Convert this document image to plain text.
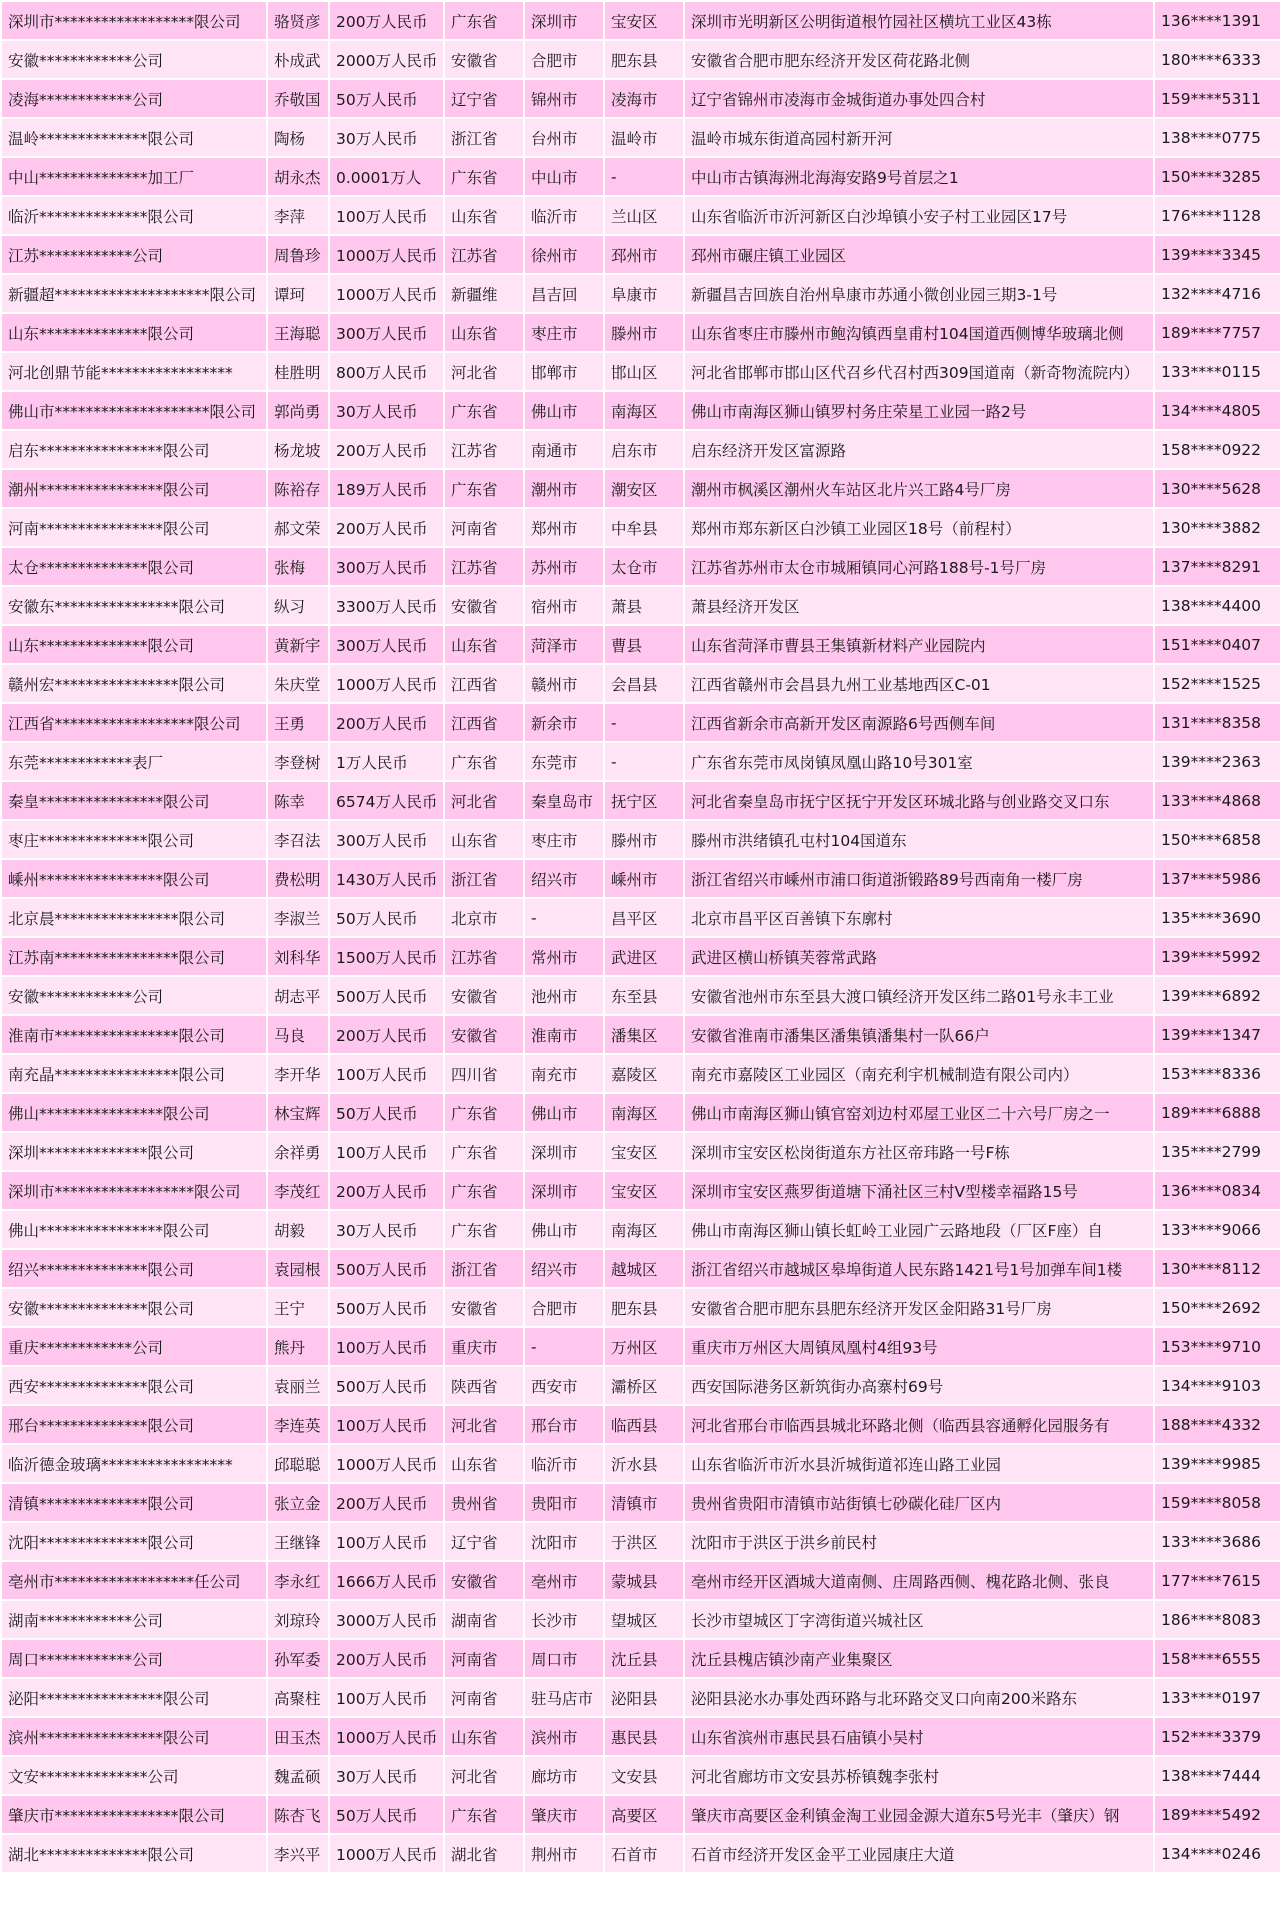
深圳市******************限公司	骆贤彦	200万人民币	广东省	深圳市	宝安区	深圳市光明新区公明街道根竹园社区横坑工业区43栋	136****1391
安徽************公司	朴成武	2000万人民币	安徽省	合肥市	肥东县	安徽省合肥市肥东经济开发区荷花路北侧	180****6333
凌海************公司	乔敬国	50万人民币	辽宁省	锦州市	凌海市	辽宁省锦州市凌海市金城街道办事处四合村	159****5311
温岭**************限公司	陶杨	30万人民币	浙江省	台州市	温岭市	温岭市城东街道高园村新开河	138****0775
中山**************加工厂	胡永杰	0.0001万人	广东省	中山市	-	中山市古镇海洲北海海安路9号首层之1	150****3285
临沂**************限公司	李萍	100万人民币	山东省	临沂市	兰山区	山东省临沂市沂河新区白沙埠镇小安子村工业园区17号	176****1128
江苏************公司	周鲁珍	1000万人民币	江苏省	徐州市	邳州市	邳州市碾庄镇工业园区	139****3345
新疆超********************限公司	谭珂	1000万人民币	新疆维	昌吉回	阜康市	新疆昌吉回族自治州阜康市苏通小微创业园三期3-1号	132****4716
山东**************限公司	王海聪	300万人民币	山东省	枣庄市	滕州市	山东省枣庄市滕州市鲍沟镇西皇甫村104国道西侧博华玻璃北侧	189****7757
河北创鼎节能*****************	桂胜明	800万人民币	河北省	邯郸市	邯山区	河北省邯郸市邯山区代召乡代召村西309国道南（新奇物流院内）	133****0115
佛山市********************限公司	郭尚勇	30万人民币	广东省	佛山市	南海区	佛山市南海区狮山镇罗村务庄荣星工业园一路2号	134****4805
启东****************限公司	杨龙坡	200万人民币	江苏省	南通市	启东市	启东经济开发区富源路	158****0922
潮州****************限公司	陈裕存	189万人民币	广东省	潮州市	潮安区	潮州市枫溪区潮州火车站区北片兴工路4号厂房	130****5628
河南****************限公司	郝文荣	200万人民币	河南省	郑州市	中牟县	郑州市郑东新区白沙镇工业园区18号（前程村）	130****3882
太仓**************限公司	张梅	300万人民币	江苏省	苏州市	太仓市	江苏省苏州市太仓市城厢镇同心河路188号-1号厂房	137****8291
安徽东****************限公司	纵习	3300万人民币	安徽省	宿州市	萧县	萧县经济开发区	138****4400
山东**************限公司	黄新宇	300万人民币	山东省	菏泽市	曹县	山东省菏泽市曹县王集镇新材料产业园院内	151****0407
赣州宏****************限公司	朱庆堂	1000万人民币	江西省	赣州市	会昌县	江西省赣州市会昌县九州工业基地西区C-01	152****1525
江西省******************限公司	王勇	200万人民币	江西省	新余市	-	江西省新余市高新开发区南源路6号西侧车间	131****8358
东莞************表厂	李登树	1万人民币	广东省	东莞市	-	广东省东莞市凤岗镇凤凰山路10号301室	139****2363
秦皇****************限公司	陈幸	6574万人民币	河北省	秦皇岛市	抚宁区	河北省秦皇岛市抚宁区抚宁开发区环城北路与创业路交叉口东	133****4868
枣庄**************限公司	李召法	300万人民币	山东省	枣庄市	滕州市	滕州市洪绪镇孔屯村104国道东	150****6858
嵊州****************限公司	费松明	1430万人民币	浙江省	绍兴市	嵊州市	浙江省绍兴市嵊州市浦口街道浙锻路89号西南角一楼厂房	137****5986
北京晨****************限公司	李淑兰	50万人民币	北京市	-	昌平区	北京市昌平区百善镇下东廓村	135****3690
江苏南****************限公司	刘科华	1500万人民币	江苏省	常州市	武进区	武进区横山桥镇芙蓉常武路	139****5992
安徽************公司	胡志平	500万人民币	安徽省	池州市	东至县	安徽省池州市东至县大渡口镇经济开发区纬二路01号永丰工业	139****6892
淮南市****************限公司	马良	200万人民币	安徽省	淮南市	潘集区	安徽省淮南市潘集区潘集镇潘集村一队66户	139****1347
南充晶****************限公司	李开华	100万人民币	四川省	南充市	嘉陵区	南充市嘉陵区工业园区（南充利宇机械制造有限公司内）	153****8336
佛山****************限公司	林宝辉	50万人民币	广东省	佛山市	南海区	佛山市南海区狮山镇官窑刘边村邓屋工业区二十六号厂房之一	189****6888
深圳**************限公司	余祥勇	100万人民币	广东省	深圳市	宝安区	深圳市宝安区松岗街道东方社区帝玮路一号F栋	135****2799
深圳市******************限公司	李茂红	200万人民币	广东省	深圳市	宝安区	深圳市宝安区燕罗街道塘下涌社区三村V型楼幸福路15号	136****0834
佛山****************限公司	胡毅	30万人民币	广东省	佛山市	南海区	佛山市南海区狮山镇长虹岭工业园广云路地段（厂区F座）自	133****9066
绍兴**************限公司	袁园根	500万人民币	浙江省	绍兴市	越城区	浙江省绍兴市越城区皋埠街道人民东路1421号1号加弹车间1楼	130****8112
安徽**************限公司	王宁	500万人民币	安徽省	合肥市	肥东县	安徽省合肥市肥东县肥东经济开发区金阳路31号厂房	150****2692
重庆************公司	熊丹	100万人民币	重庆市	-	万州区	重庆市万州区大周镇凤凰村4组93号	153****9710
西安**************限公司	袁丽兰	500万人民币	陕西省	西安市	灞桥区	西安国际港务区新筑街办高寨村69号	134****9103
邢台**************限公司	李连英	100万人民币	河北省	邢台市	临西县	河北省邢台市临西县城北环路北侧（临西县容通孵化园服务有	188****4332
临沂德金玻璃*****************	邱聪聪	1000万人民币	山东省	临沂市	沂水县	山东省临沂市沂水县沂城街道祁连山路工业园	139****9985
清镇**************限公司	张立金	200万人民币	贵州省	贵阳市	清镇市	贵州省贵阳市清镇市站街镇七砂碳化硅厂区内	159****8058
沈阳**************限公司	王继锋	100万人民币	辽宁省	沈阳市	于洪区	沈阳市于洪区于洪乡前民村	133****3686
亳州市******************任公司	李永红	1666万人民币	安徽省	亳州市	蒙城县	亳州市经开区酒城大道南侧、庄周路西侧、槐花路北侧、张良	177****7615
湖南************公司	刘琼玲	3000万人民币	湖南省	长沙市	望城区	长沙市望城区丁字湾街道兴城社区	186****8083
周口************公司	孙军委	200万人民币	河南省	周口市	沈丘县	沈丘县槐店镇沙南产业集聚区	158****6555
泌阳****************限公司	高聚柱	100万人民币	河南省	驻马店市	泌阳县	泌阳县泌水办事处西环路与北环路交叉口向南200米路东	133****0197
滨州****************限公司	田玉杰	1000万人民币	山东省	滨州市	惠民县	山东省滨州市惠民县石庙镇小吴村	152****3379
文安**************公司	魏孟硕	30万人民币	河北省	廊坊市	文安县	河北省廊坊市文安县苏桥镇魏李张村	138****7444
肇庆市****************限公司	陈杏飞	50万人民币	广东省	肇庆市	高要区	肇庆市高要区金利镇金淘工业园金源大道东5号光丰（肇庆）钢	189****5492
湖北**************限公司	李兴平	1000万人民币	湖北省	荆州市	石首市	石首市经济开发区金平工业园康庄大道	134****0246
